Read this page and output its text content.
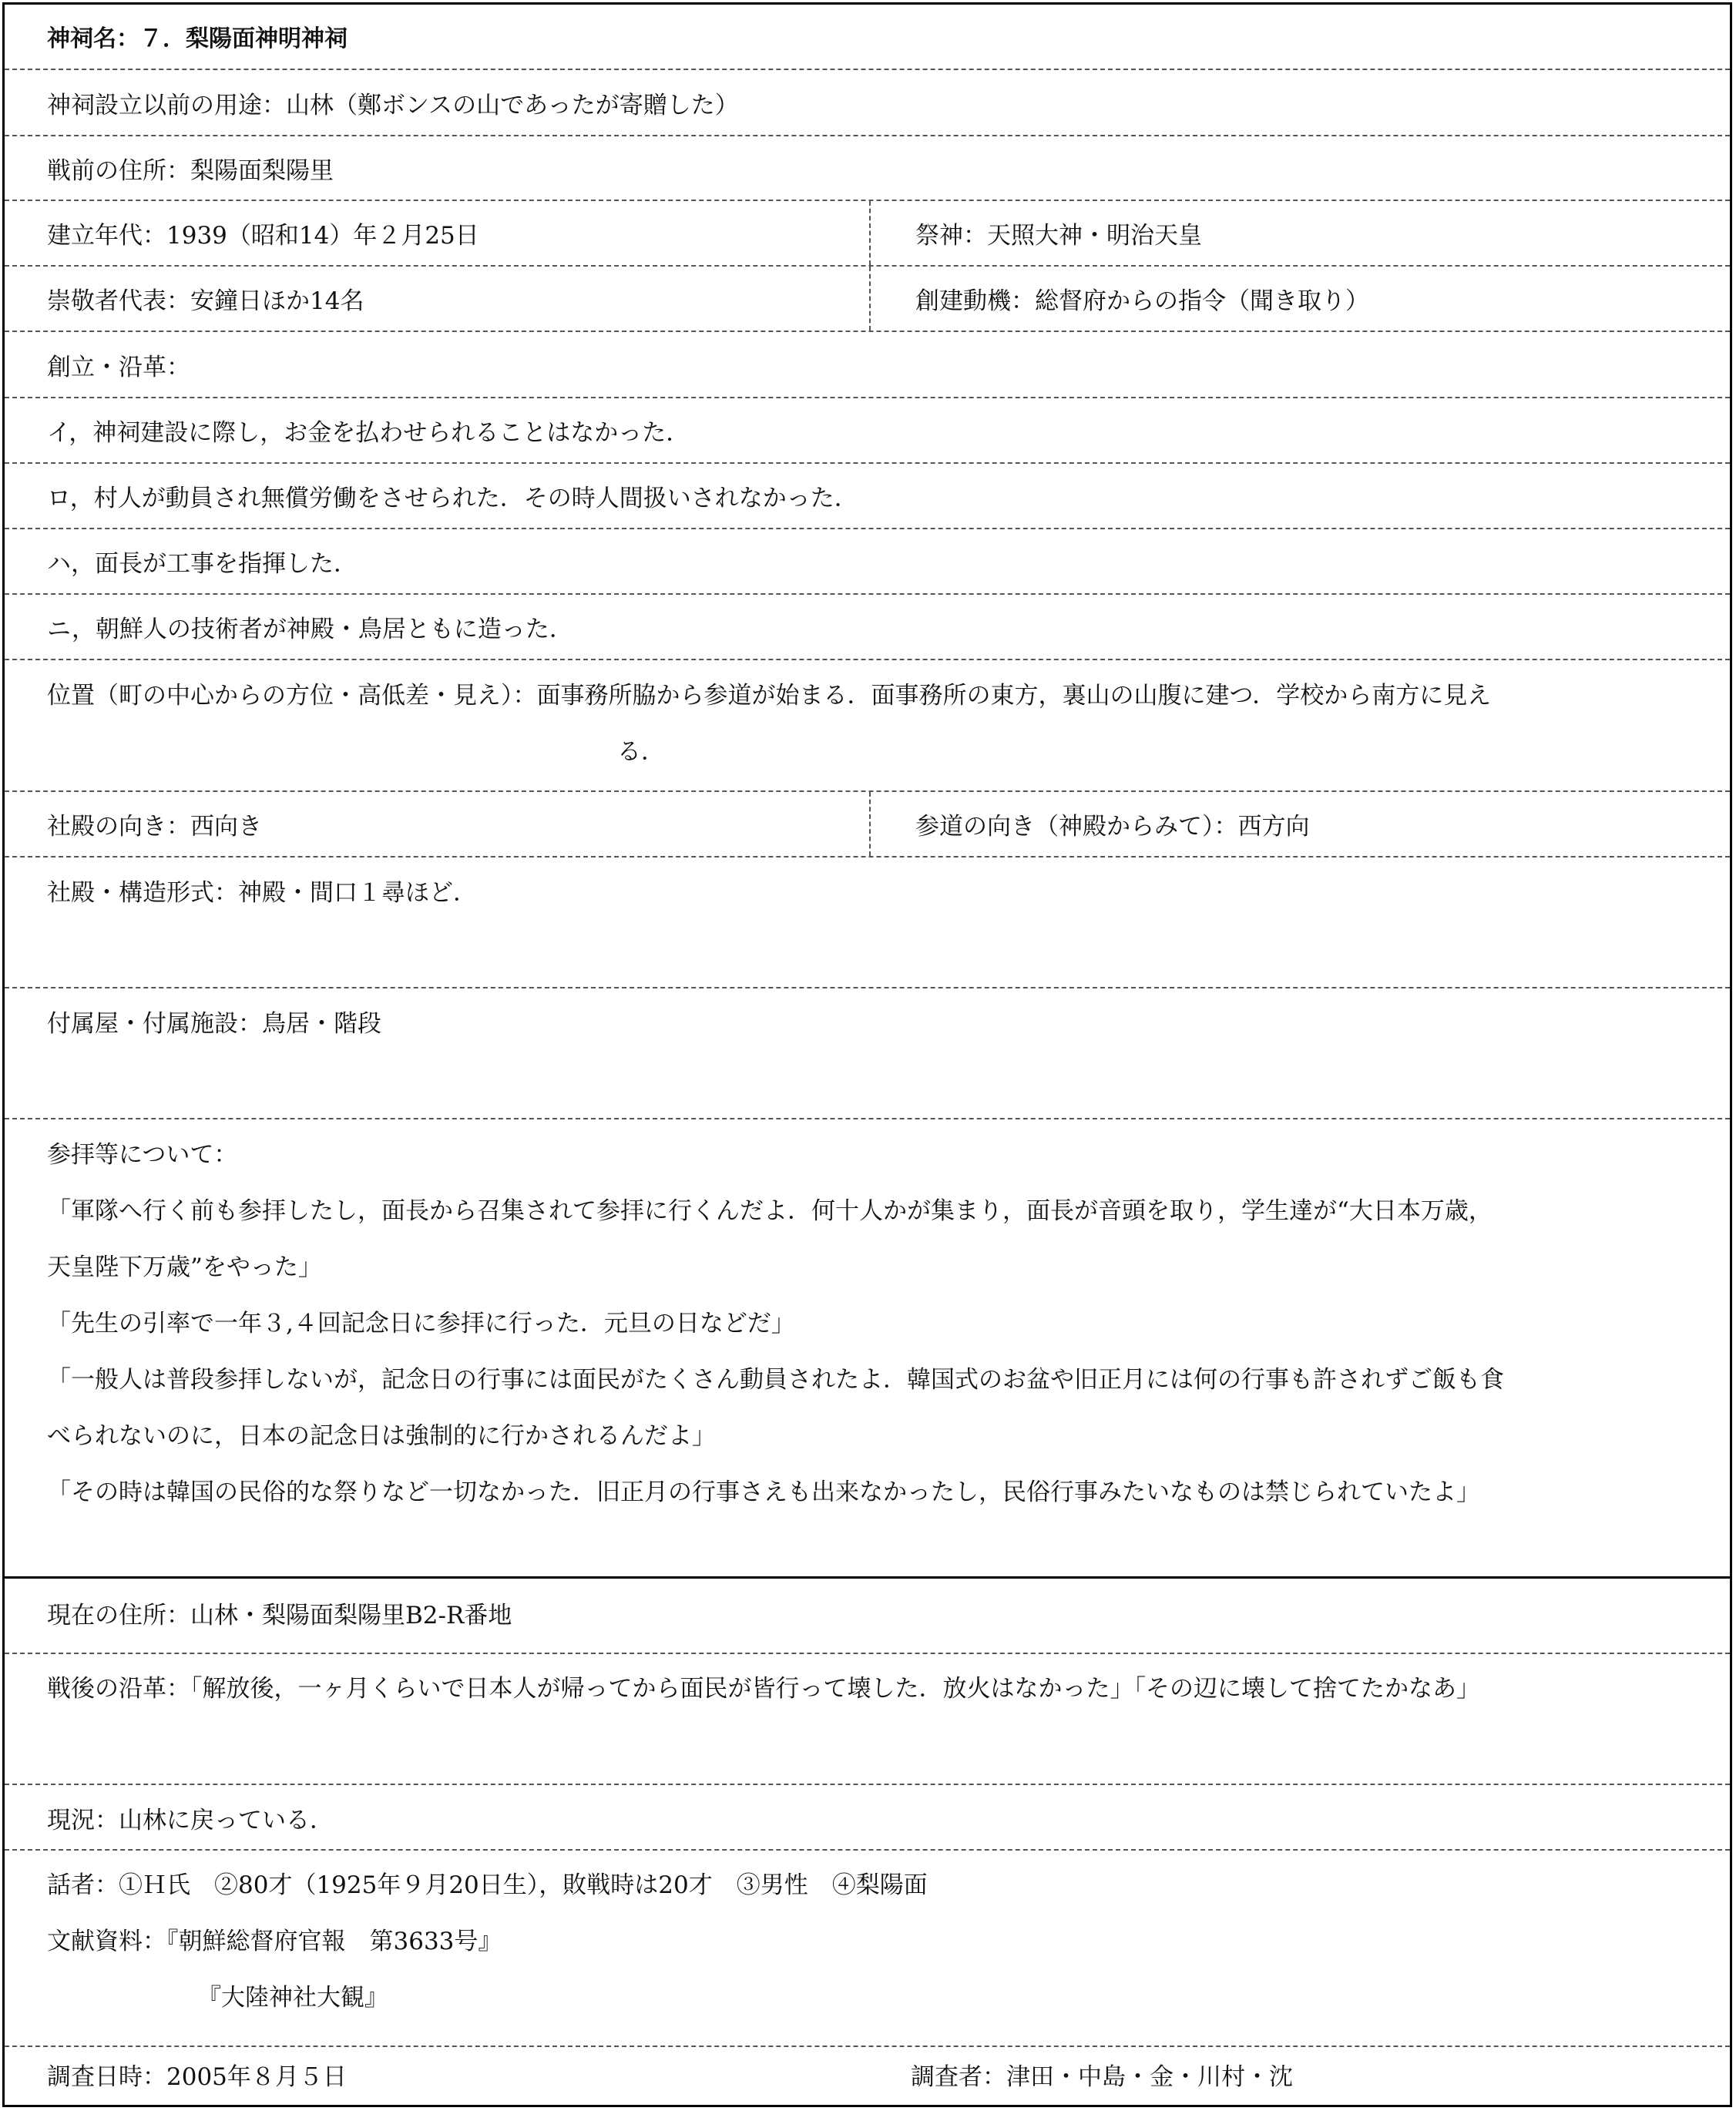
神祠名：７．梨陽面神明神祠
神祠設立以前の用途：山林（鄭ボンスの山であったが寄贈した）
戦前の住所：梨陽面梨陽里
建立年代：1939（昭和14）年２月25日	祭神：天照大神・明治天皇
崇敬者代表：安鐘日ほか14名	創建動機：総督府からの指令（聞き取り）
創立・沿革：
イ，神祠建設に際し，お金を払わせられることはなかった．
ロ，村人が動員され無償労働をさせられた．その時人間扱いされなかった．
ハ，面長が工事を指揮した．
ニ，朝鮮人の技術者が神殿・鳥居ともに造った．
位置（町の中心からの方位・高低差・見え）：面事務所脇から参道が始まる．面事務所の東方，裏山の山腹に建つ．学校から南方に見え
る．
社殿の向き：西向き	参道の向き（神殿からみて）：西方向
社殿・構造形式：神殿・間口１尋ほど．
付属屋・付属施設：鳥居・階段
参拝等について：
「軍隊へ行く前も参拝したし，面長から召集されて参拝に行くんだよ．何十人かが集まり，面長が音頭を取り，学生達が“大日本万歳，
天皇陛下万歳”をやった」
「先生の引率で一年３,４回記念日に参拝に行った．元旦の日などだ」
「一般人は普段参拝しないが，記念日の行事には面民がたくさん動員されたよ．韓国式のお盆や旧正月には何の行事も許されずご飯も食
べられないのに，日本の記念日は強制的に行かされるんだよ」
「その時は韓国の民俗的な祭りなど一切なかった．旧正月の行事さえも出来なかったし，民俗行事みたいなものは禁じられていたよ」
現在の住所：山林・梨陽面梨陽里B2-R番地
戦後の沿革：「解放後，一ヶ月くらいで日本人が帰ってから面民が皆行って壊した．放火はなかった」「その辺に壊して捨てたかなあ」
現況：山林に戻っている．
話者：①Ｈ氏　②80才（1925年９月20日生），敗戦時は20才　③男性　④梨陽面
文献資料：『朝鮮総督府官報　第3633号』
『大陸神社大観』
調査日時：2005年８月５日	調査者：津田・中島・金・川村・沈
